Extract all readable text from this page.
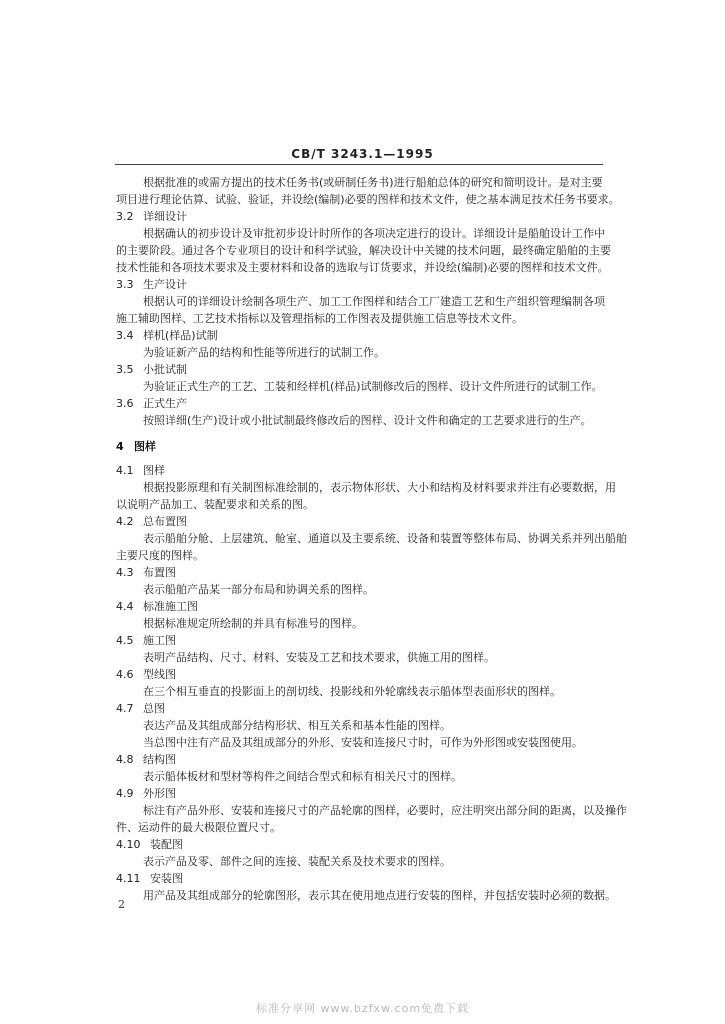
CB/T 3243.1—1995
根据批准的或需方提出的技术任务书(或研制任务书)进行船舶总体的研究和简明设计。是对主要
项目进行理论估算、试验、验证，并设绘(编制)必要的图样和技术文件，使之基本满足技术任务书要求。
3.2 详细设计
根据确认的初步设计及审批初步设计时所作的各项决定进行的设计。详细设计是船舶设计工作中
的主要阶段。通过各个专业项目的设计和科学试验，解决设计中关键的技术问题，最终确定船舶的主要
技术性能和各项技术要求及主要材料和设备的选取与订货要求，并设绘(编制)必要的图样和技术文件。
3.3 生产设计
根据认可的详细设计绘制各项生产、加工工作图样和结合工厂建造工艺和生产组织管理编制各项
施工辅助图样、工艺技术指标以及管理指标的工作图表及提供施工信息等技术文件。
3.4 样机(样品)试制
为验证新产品的结构和性能等所进行的试制工作。
3.5 小批试制
为验证正式生产的工艺、工装和经样机(样品)试制修改后的图样、设计文件所进行的试制工作。
3.6 正式生产
按照详细(生产)设计或小批试制最终修改后的图样、设计文件和确定的工艺要求进行的生产。
4 图样
4.1 图样
根据投影原理和有关制图标准绘制的，表示物体形状、大小和结构及材料要求并注有必要数据，用
以说明产品加工、装配要求和关系的图。
4.2 总布置图
表示船舶分舱、上层建筑、舱室、通道以及主要系统、设备和装置等整体布局、协调关系并列出船舶
主要尺度的图样。
4.3 布置图
表示船舶产品某一部分布局和协调关系的图样。
4.4 标准施工图
根据标准规定所绘制的并具有标准号的图样。
4.5 施工图
表明产品结构、尺寸、材料、安装及工艺和技术要求，供施工用的图样。
4.6 型线图
在三个相互垂直的投影面上的剖切线、投影线和外轮廓线表示船体型表面形状的图样。
4.7 总图
表达产品及其组成部分结构形状、相互关系和基本性能的图样。
当总图中注有产品及其组成部分的外形、安装和连接尺寸时，可作为外形图或安装图使用。
4.8 结构图
表示船体板材和型材等构件之间结合型式和标有相关尺寸的图样。
4.9 外形图
标注有产品外形、安装和连接尺寸的产品轮廓的图样，必要时，应注明突出部分间的距离，以及操作
件、运动件的最大极限位置尺寸。
4.10 装配图
表示产品及零、部件之间的连接、装配关系及技术要求的图样。
4.11 安装图
用产品及其组成部分的轮廓图形，表示其在使用地点进行安装的图样，并包括安装时必须的数据。
2
标准分享网 www.bzfxw.com免费下载
